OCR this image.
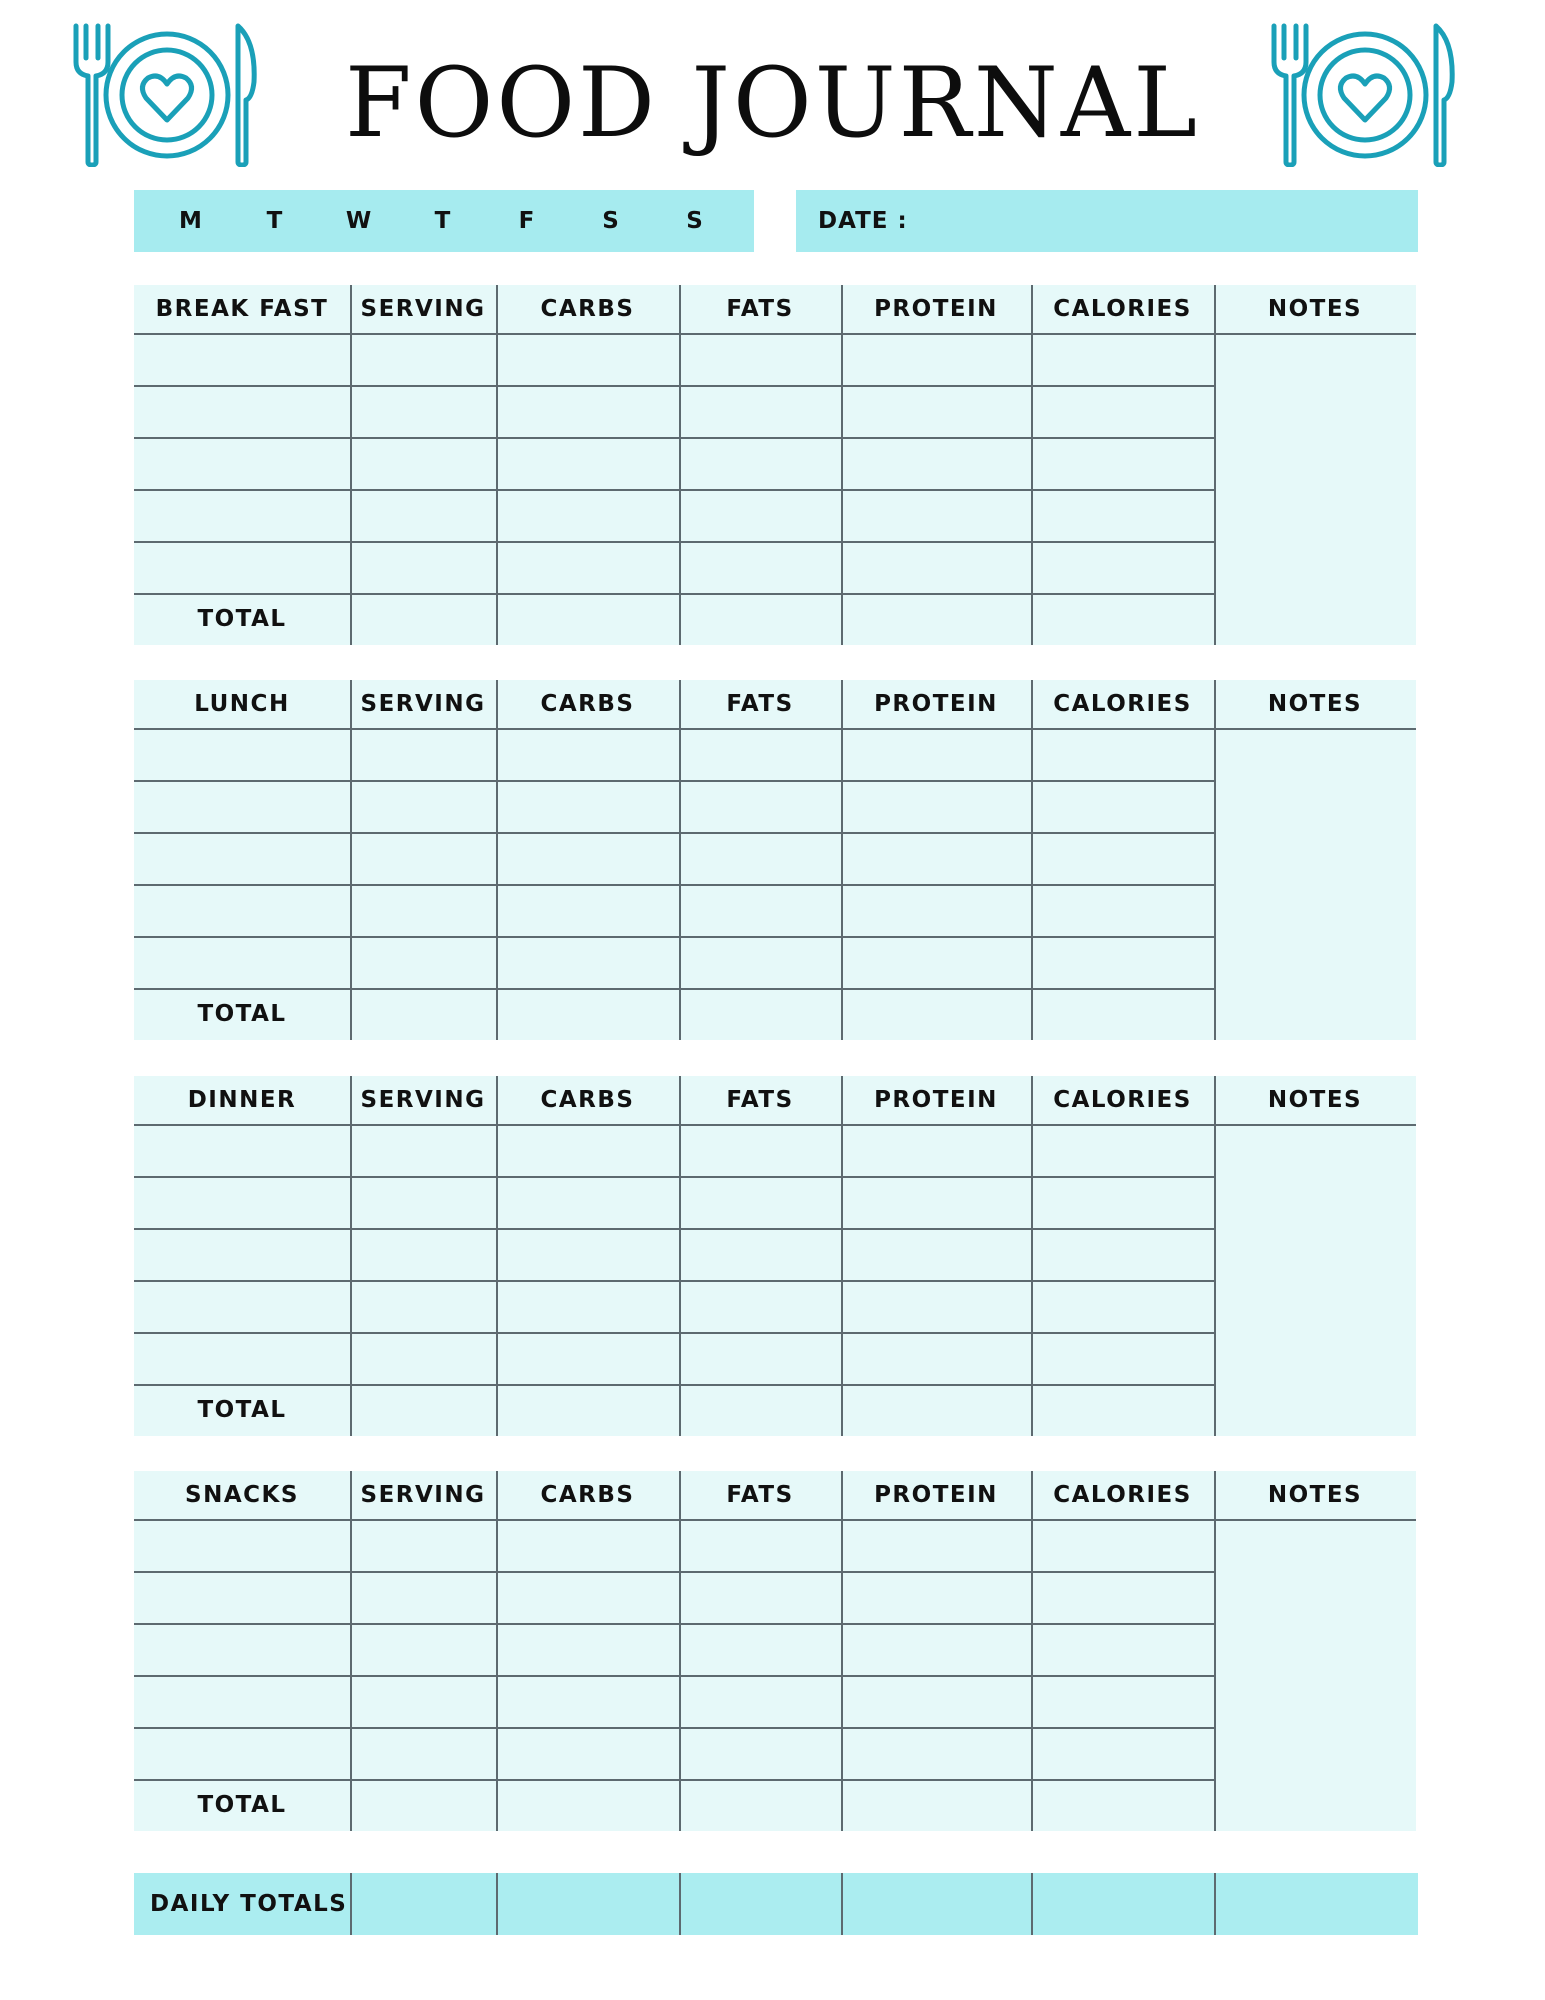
FOOD JOURNAL
M	T	W	T	F	S	S	DATE :
BREAK FAST	SERVING	CARBS	FATS	PROTEIN	CALORIES	NOTES
TOTAL
LUNCH	SERVING	CARBS	FATS	PROTEIN	CALORIES	NOTES
TOTAL
DINNER	SERVING	CARBS	FATS	PROTEIN	CALORIES	NOTES
TOTAL
SNACKS	SERVING	CARBS	FATS	PROTEIN	CALORIES	NOTES
TOTAL
DAILY TOTALS
